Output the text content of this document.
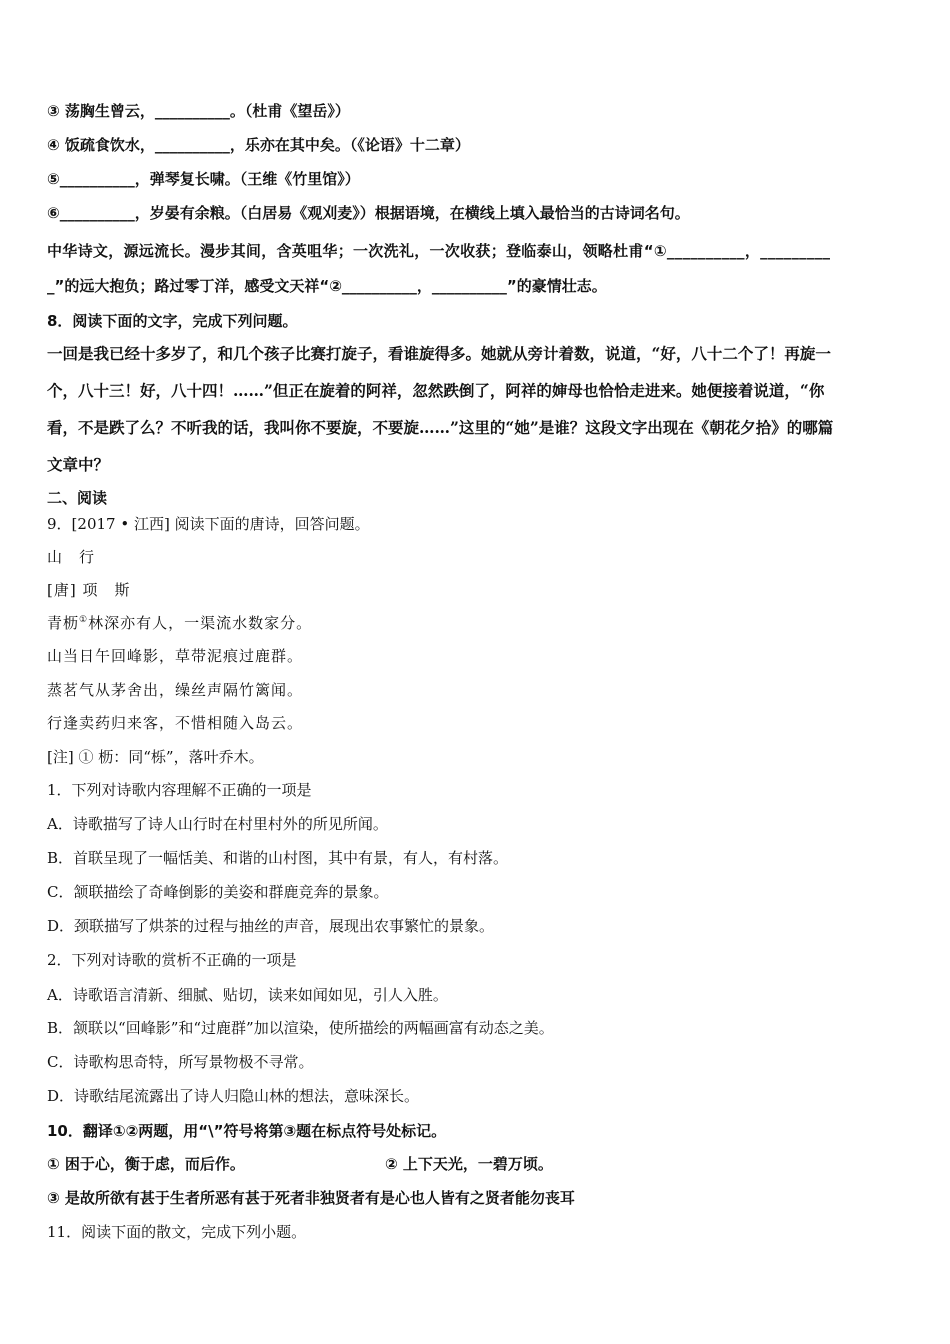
③ 荡胸生曾云，__________。（杜甫《望岳》）
④ 饭疏食饮水，__________，乐亦在其中矣。（《论语》十二章）
⑤__________，弹琴复长啸。（王维《竹里馆》）
⑥__________，岁晏有余粮。（白居易《观刈麦》）根据语境，在横线上填入最恰当的古诗词名句。
中华诗文，源远流长。漫步其间，含英咀华；一次洗礼，一次收获；登临泰山，领略杜甫“①__________，_________
_”的远大抱负；路过零丁洋，感受文天祥“②__________，__________”的豪情壮志。
8．阅读下面的文字，完成下列问题。
一回是我已经十多岁了，和几个孩子比赛打旋子，看谁旋得多。她就从旁计着数，说道，“好，八十二个了！再旋一
个，八十三！好，八十四！……”但正在旋着的阿祥，忽然跌倒了，阿祥的婶母也恰恰走进来。她便接着说道，“你
看，不是跌了么？不听我的话，我叫你不要旋，不要旋……”这里的“她”是谁？这段文字出现在《朝花夕拾》的哪篇
文章中？
二、阅读
9．[2017 • 江西] 阅读下面的唐诗，回答问题。
山　行
[唐] 项　斯
青枥①林深亦有人，一渠流水数家分。
山当日午回峰影，草带泥痕过鹿群。
蒸茗气从茅舍出，缲丝声隔竹篱闻。
行逢卖药归来客，不惜相随入岛云。
[注] ① 枥：同“栎”，落叶乔木。
1．下列对诗歌内容理解不正确的一项是
A．诗歌描写了诗人山行时在村里村外的所见所闻。
B．首联呈现了一幅恬美、和谐的山村图，其中有景，有人，有村落。
C．颔联描绘了奇峰倒影的美姿和群鹿竞奔的景象。
D．颈联描写了烘茶的过程与抽丝的声音，展现出农事繁忙的景象。
2．下列对诗歌的赏析不正确的一项是
A．诗歌语言清新、细腻、贴切，读来如闻如见，引人入胜。
B．颔联以“回峰影”和“过鹿群”加以渲染，使所描绘的两幅画富有动态之美。
C．诗歌构思奇特，所写景物极不寻常。
D．诗歌结尾流露出了诗人归隐山林的想法，意味深长。
10．翻译①②两题，用“\”符号将第③题在标点符号处标记。
① 困于心，衡于虑，而后作。	② 上下天光，一碧万顷。
③ 是故所欲有甚于生者所恶有甚于死者非独贤者有是心也人皆有之贤者能勿丧耳
11．阅读下面的散文，完成下列小题。
